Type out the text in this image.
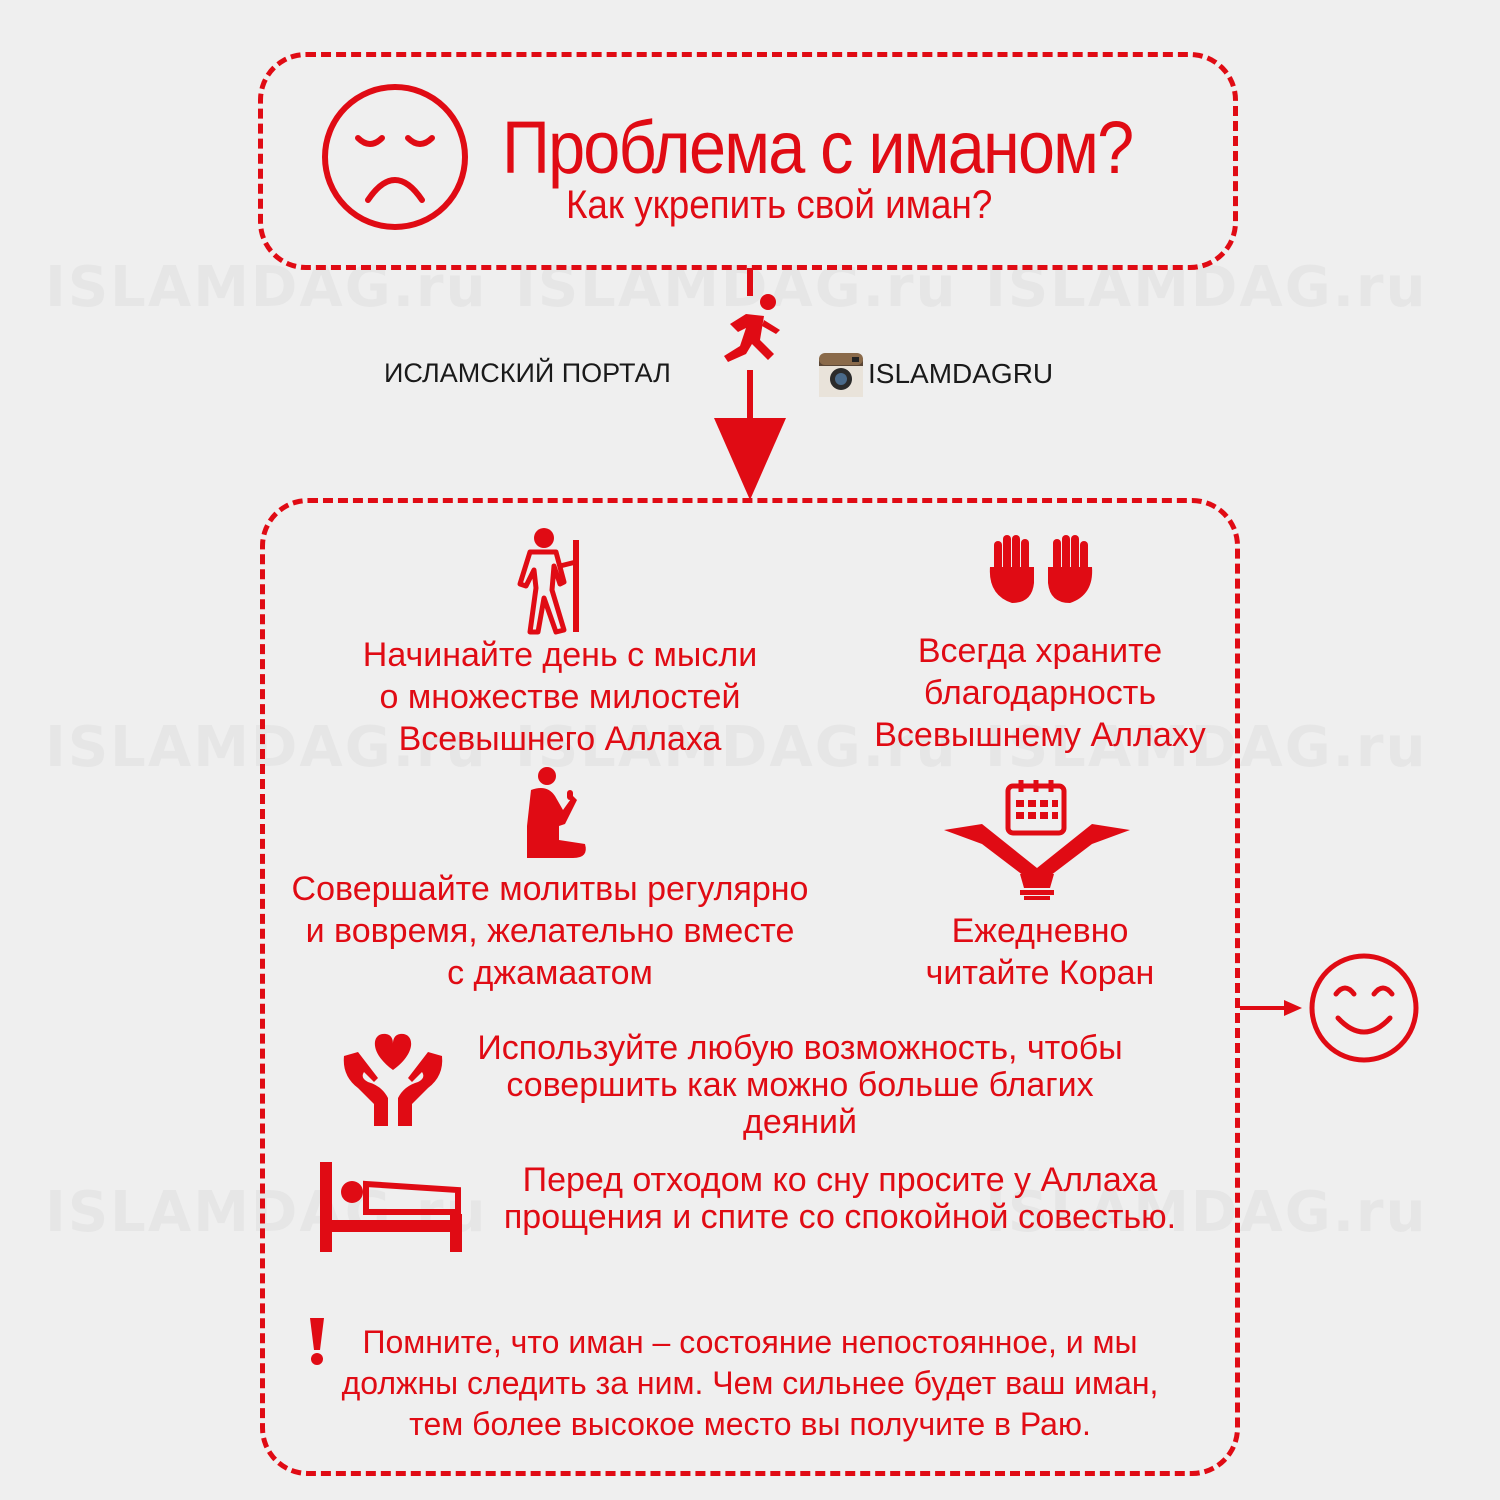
Проблема с иманом?
Как укрепить свой иман?
ИСЛАМСКИЙ ПОРТАЛ	ISLAMDAGRU
Начинайте день с мысли
о множестве милостей
Всевышнего Аллаха
Всегда храните
благодарность
Всевышнему Аллаху
Совершайте молитвы регулярно
и вовремя, желательно вместе
с джамаатом
Ежедневно
читайте Коран
Используйте любую возможность, чтобы
совершить как можно больше благих
деяний
Перед отходом ко сну просите у Аллаха
прощения и спите со спокойной совестью.
Помните, что иман – состояние непостоянное, и мы
должны следить за ним. Чем сильнее будет ваш иман,
тем более высокое место вы получите в Раю.
